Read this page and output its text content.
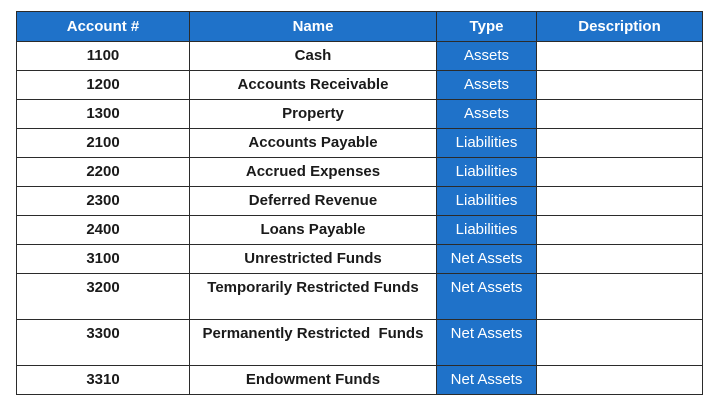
Account #	Name	Type	Description

1100	Cash	Assets	

1200	Accounts Receivable	Assets	

1300	Property	Assets	

2100	Accounts Payable	Liabilities	

2200	Accrued Expenses	Liabilities	

2300	Deferred Revenue	Liabilities	

2400	Loans Payable	Liabilities	

3100	Unrestricted Funds	Net Assets	

3200	Temporarily Restricted Funds	Net Assets	

3300	Permanently Restricted  Funds	Net Assets	

3310	Endowment Funds	Net Assets	
